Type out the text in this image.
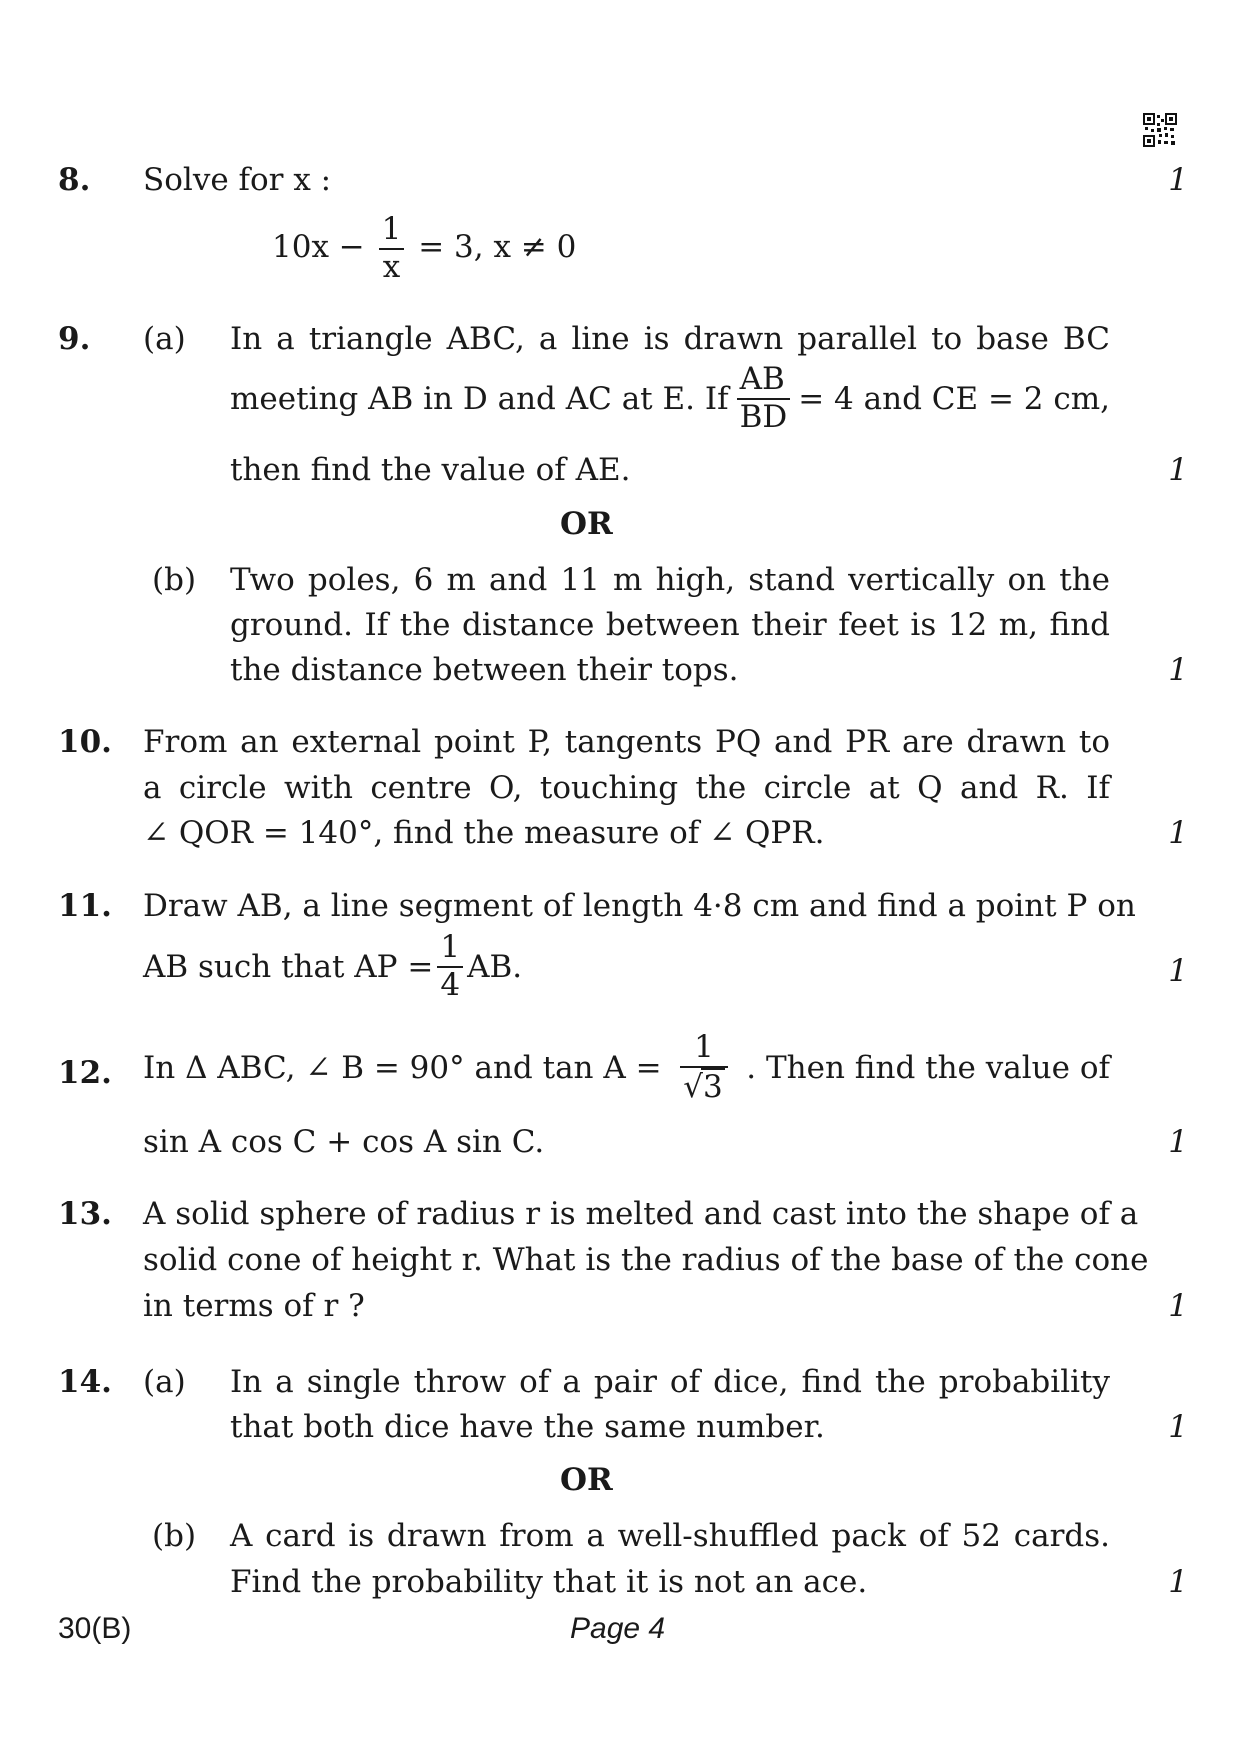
8. Solve for x :	1
$10x - \frac{1}{x} = 3$, x ≠ 0
9. (a) In a triangle ABC, a line is drawn parallel to base BC
meeting AB in D and AC at E. If $\frac{AB}{BD} = 4$ and CE = 2 cm,
then find the value of AE.	1
OR
(b) Two poles, 6 m and 11 m high, stand vertically on the
ground. If the distance between their feet is 12 m, find
the distance between their tops.	1
10. From an external point P, tangents PQ and PR are drawn to
a circle with centre O, touching the circle at Q and R. If
∠ QOR = 140°, find the measure of ∠ QPR.	1
11. Draw AB, a line segment of length 4·8 cm and find a point P on
AB such that AP = $\frac{1}{4}$ AB.	1
12. In Δ ABC, ∠ B = 90° and $\tan A = \frac{1}{√3}$ . Then find the value of
sin A cos C + cos A sin C.	1
13. A solid sphere of radius r is melted and cast into the shape of a
solid cone of height r. What is the radius of the base of the cone
in terms of r ?	1
14. (a) In a single throw of a pair of dice, find the probability
that both dice have the same number.	1
OR
(b) A card is drawn from a well-shuffled pack of 52 cards.
Find the probability that it is not an ace.	1
30(B)	Page 4
